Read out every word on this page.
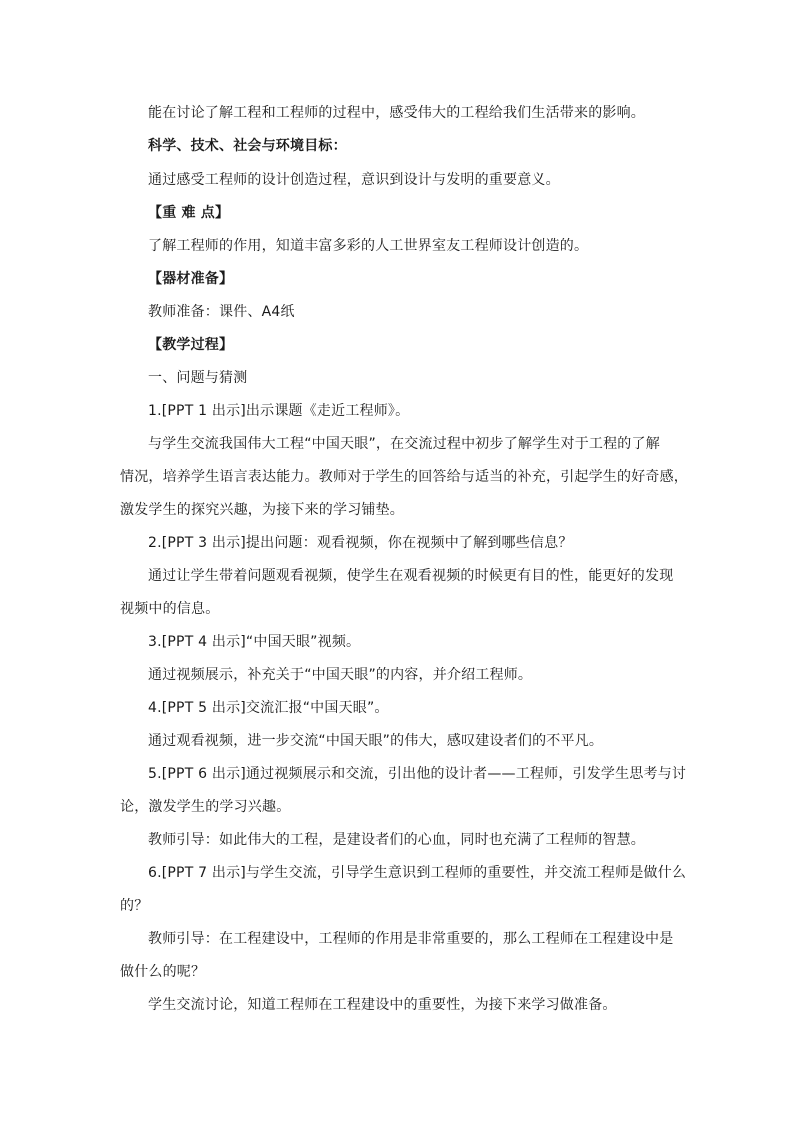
能在讨论了解工程和工程师的过程中，感受伟大的工程给我们生活带来的影响。
科学、技术、社会与环境目标：
通过感受工程师的设计创造过程，意识到设计与发明的重要意义。
【重 难 点】
了解工程师的作用，知道丰富多彩的人工世界室友工程师设计创造的。
【器材准备】
教师准备：课件、A4纸
【教学过程】
一、问题与猜测
1.[PPT 1 出示]出示课题《走近工程师》。
与学生交流我国伟大工程“中国天眼”，在交流过程中初步了解学生对于工程的了解
情况，培养学生语言表达能力。教师对于学生的回答给与适当的补充，引起学生的好奇感，
激发学生的探究兴趣，为接下来的学习铺垫。
2.[PPT 3 出示]提出问题：观看视频，你在视频中了解到哪些信息？
通过让学生带着问题观看视频，使学生在观看视频的时候更有目的性，能更好的发现
视频中的信息。
3.[PPT 4 出示]“中国天眼”视频。
通过视频展示，补充关于“中国天眼”的内容，并介绍工程师。
4.[PPT 5 出示]交流汇报“中国天眼”。
通过观看视频，进一步交流“中国天眼”的伟大，感叹建设者们的不平凡。
5.[PPT 6 出示]通过视频展示和交流，引出他的设计者——工程师，引发学生思考与讨
论，激发学生的学习兴趣。
教师引导：如此伟大的工程，是建设者们的心血，同时也充满了工程师的智慧。
6.[PPT 7 出示]与学生交流，引导学生意识到工程师的重要性，并交流工程师是做什么
的？
教师引导：在工程建设中，工程师的作用是非常重要的，那么工程师在工程建设中是
做什么的呢？
学生交流讨论，知道工程师在工程建设中的重要性，为接下来学习做准备。
